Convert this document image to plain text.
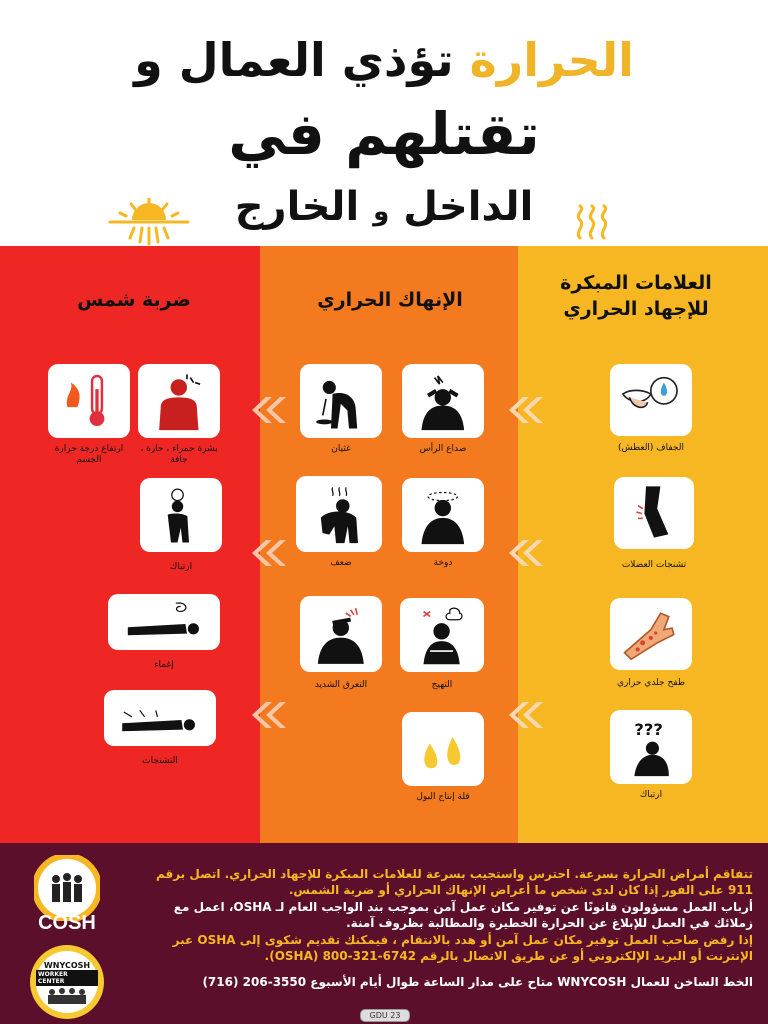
الحرارة تؤذي العمال و
تقتلهم في
الداخل و الخارج
العلامات المبكرة للإجهاد الحراري
الإنهاك الحراري
ضربة شمس
الجفاف (العطش)
تشنجات العضلات
طفح جلدي حراري
???
ارتباك
صداع الرأس
غثيان
دوخة
ضعف
التهيج
التعرق الشديد
قلة إنتاج البول
بشرة حمراء ، حارة ، جافة
ارتفاع درجة حرارة الجسم
ارتباك
إغماء
التشنجات
COSH
WNYCOSH
WORKER CENTER
تتفاقم أمراض الحرارة بسرعة. احترس واستجيب بسرعة للعلامات المبكرة للإجهاد الحراري. اتصل برقم 911 على الفور إذا كان لدى شخص ما أعراض الإنهاك الحراري أو ضربة الشمس.
أرباب العمل مسؤولون قانونًا عن توفير مكان عمل آمن بموجب بند الواجب العام لـ OSHA، اعمل مع زملائك في العمل للإبلاغ عن الحرارة الخطيرة والمطالبة بظروف آمنة.
إذا رفض صاحب العمل توفير مكان عمل آمن أو هدد بالانتقام ، فيمكنك تقديم شكوى إلى OSHA عبر الإنترنت أو البريد الإلكتروني أو عن طريق الاتصال بالرقم 6742-321-800 (OSHA).
الخط الساخن للعمال WNYCOSH متاح على مدار الساعة طوال أيام الأسبوع 3550-206 (716)
GDU 23
